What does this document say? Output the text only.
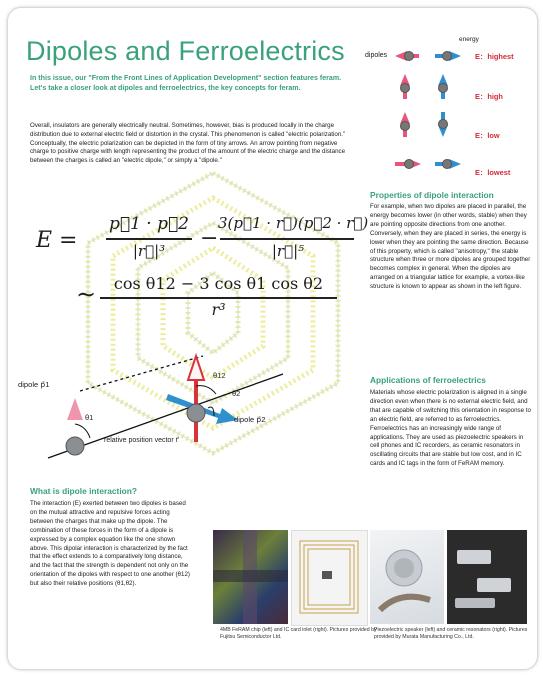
Dipoles and Ferroelectrics
In this issue, our "From the Front Lines of Application Development" section features feram. Let's take a closer look at dipoles and ferroelectrics, the key concepts for feram.
Overall, insulators are generally electrically neutral. Sometimes, however, bias is produced locally in the charge distribution due to external electric field or distortion in the crystal. This phenomenon is called "electric polarization." Conceptually, the electric polarization can be depicted in the form of tiny arrows. An arrow pointing from negative charge to positive charge with length representing the product of the amount of the electric charge and the distance between the charges is called an "electric dipole," or simply a "dipole."
energy
dipoles	E：highest
E：high
E：low
E：lowest
E =
p⃗1 · p⃗2
|r⃗|³	−
3(p⃗1 · r⃗)(p⃗2 · r⃗)
|r⃗|⁵
∼	cos θ12 − 3 cos θ1 cos θ2
r³
dipole p⃗1
θ1
θ12
θ2
dipole p⃗2
relative position vector r⃗
Properties of dipole interaction
For example, when two dipoles are placed in parallel, the energy becomes lower (in other words, stable) when they are pointing opposite directions from one another. Conversely, when they are placed in series, the energy is lower when they are pointing the same direction. Because of this property, which is called "anisotropy," the stable structure when three or more dipoles are grouped together becomes complex in general. When the dipoles are arranged on a triangular lattice for example, a vortex-like structure is known to appear as shown in the left figure.
Applications of ferroelectrics
Materials whose electric polarization is aligned in a single direction even when there is no external electric field, and that are capable of switching this orientation in response to an electric field, are referred to as ferroelectrics. Ferroelectrics has an increasingly wide range of applications. They are used as piezoelectric speakers in cell phones and IC recorders, as ceramic resonators in oscillating circuits that are stable but low cost, and in IC cards and IC tags in the form of FeRAM memory.
What is dipole interaction?
The interaction (E) exerted between two dipoles is based on the mutual attractive and repulsive forces acting between the charges that make up the dipole. The combination of these forces in the form of a dipole is expressed by a complex equation like the one shown above. This dipolar interaction is characterized by the fact that the effect extends to a comparatively long distance, and the fact that the strength is dependent not only on the orientation of the dipoles with respect to one another (θ12) but also their relative positions (θ1,θ2).
4MB FeRAM chip (left) and IC card inlet (right). Pictures provided by Fujitsu Semiconductor Ltd.
Piezoelectric speaker (left) and ceramic resonators (right). Pictures provided by Murata Manufacturing Co., Ltd.
